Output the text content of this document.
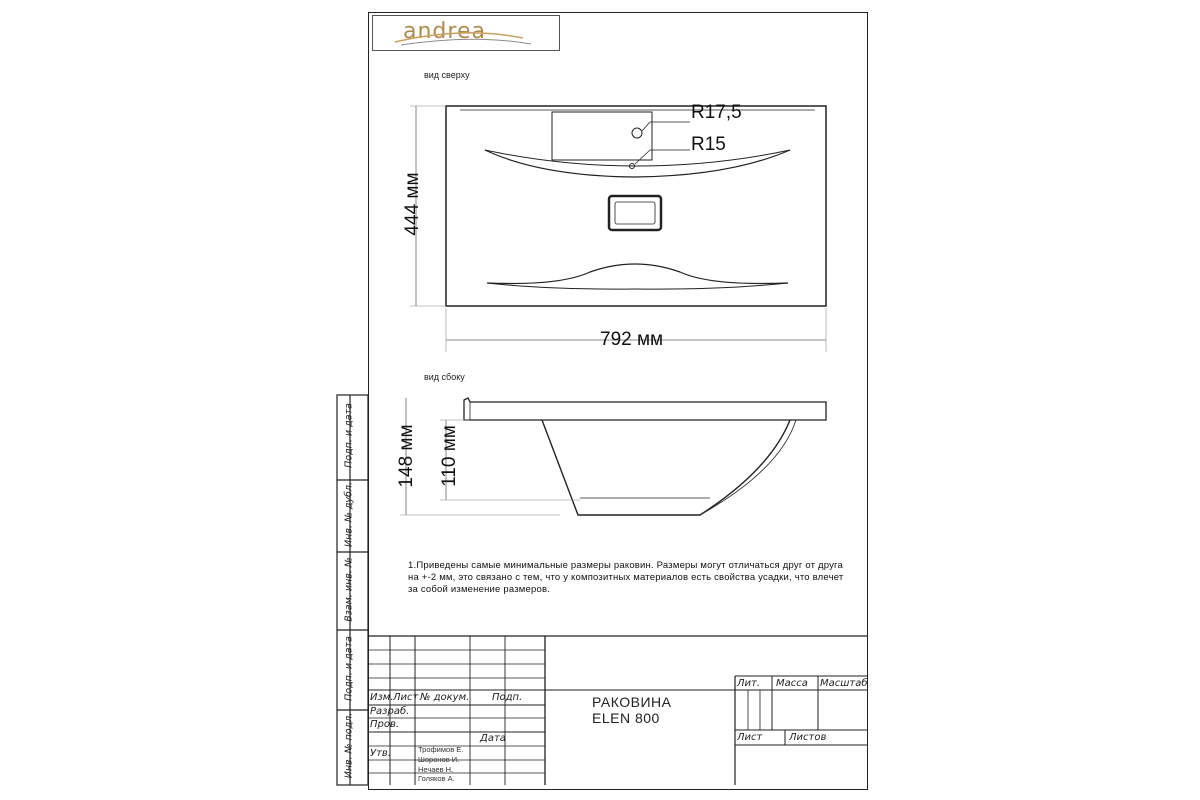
andrea
вид сверху
вид сбоку
R17,5
R15
444 мм
792 мм
148 мм 110 мм
1.Приведены самые минимальные размеры раковин. Размеры могут отличаться друг от друга на +-2 мм, это связано с тем, что у композитных материалов есть свойства усадки, что влечет за собой изменение размеров.
Подп. и дата
Инв. № дубл.
Взам. инв. №
Подп. и дата
Инв. № подл.
Изм. Лист № докум. Подп.
Дата
Разраб.
Пров.
Утв.	Трофимов Е.
Шоронов И.
Нечаев Н.
Голяков А.
РАКОВИНА
ELEN 800
Лит. Масса Масштаб
Лист	Листов
